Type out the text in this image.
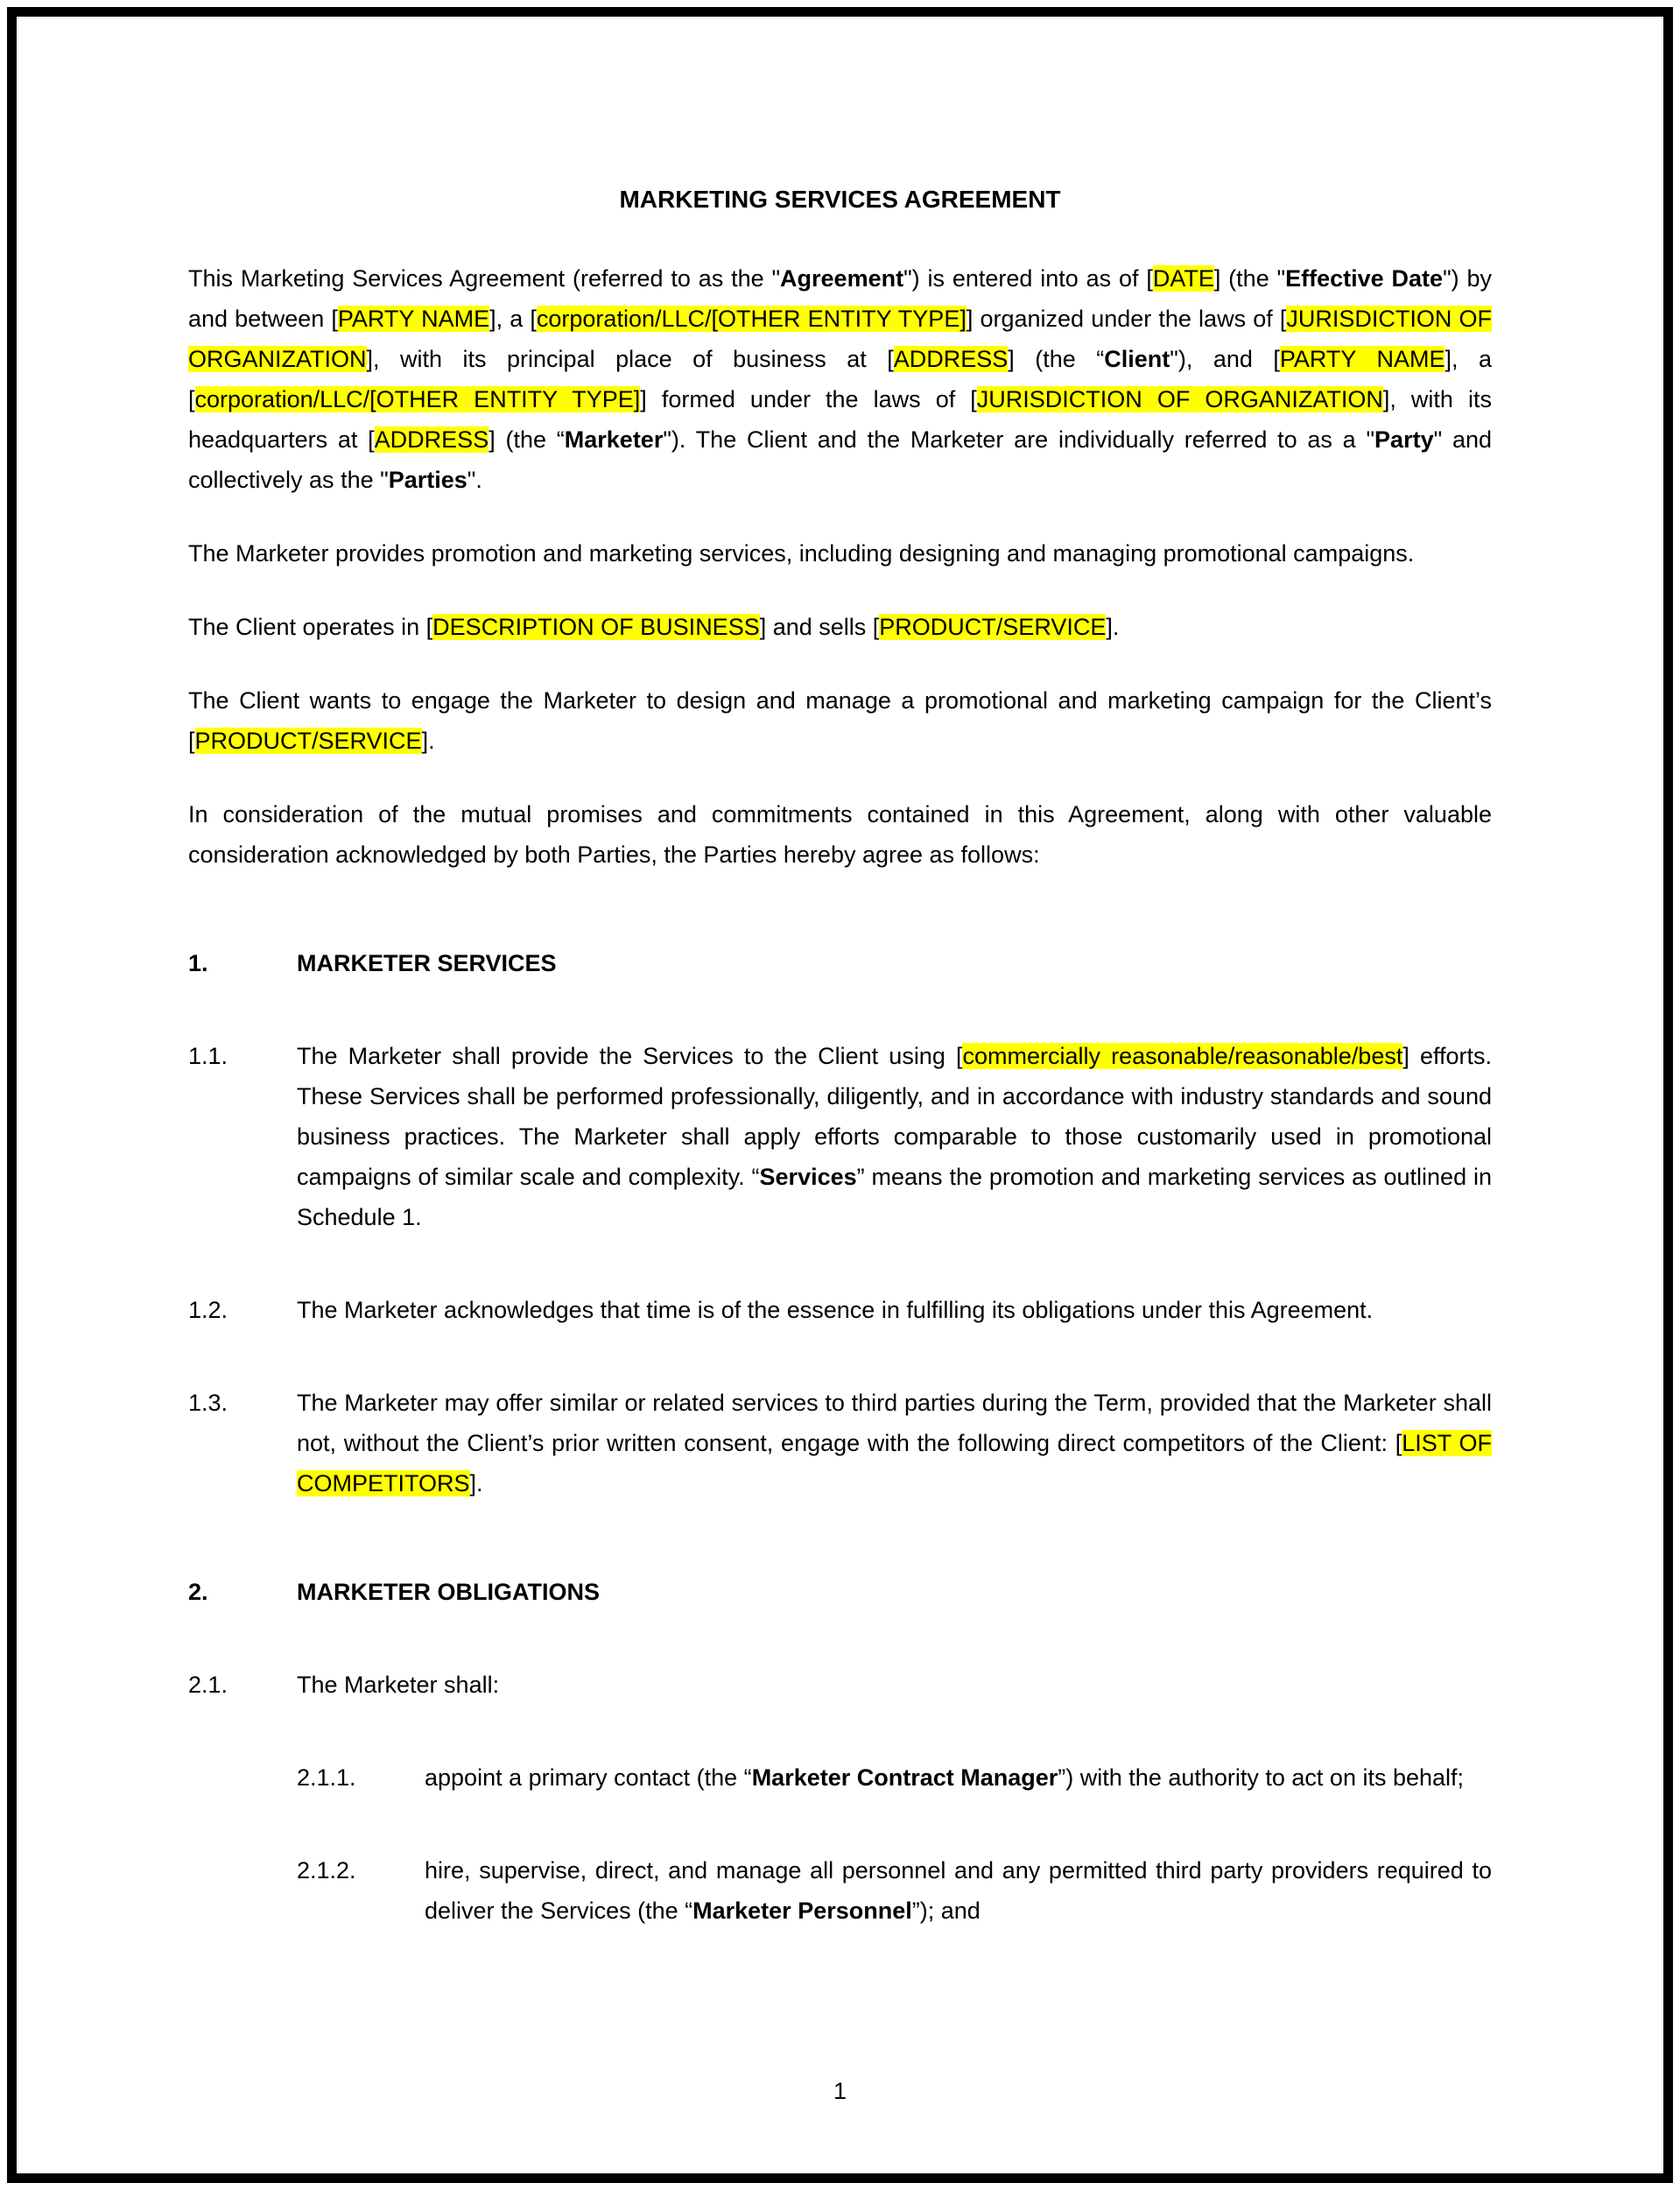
MARKETING SERVICES AGREEMENT

This Marketing Services Agreement (referred to as the "Agreement") is entered into as of [DATE] (the "Effective Date") by and between [PARTY NAME], a [corporation/LLC/[OTHER ENTITY TYPE]] organized under the laws of [JURISDICTION OF ORGANIZATION], with its principal place of business at [ADDRESS] (the “Client"), and [PARTY NAME], a [corporation/LLC/[OTHER ENTITY TYPE]] formed under the laws of [JURISDICTION OF ORGANIZATION], with its headquarters at [ADDRESS] (the “Marketer"). The Client and the Marketer are individually referred to as a "Party" and collectively as the "Parties".

The Marketer provides promotion and marketing services, including designing and managing promotional campaigns.

The Client operates in [DESCRIPTION OF BUSINESS] and sells [PRODUCT/SERVICE].

The Client wants to engage the Marketer to design and manage a promotional and marketing campaign for the Client’s [PRODUCT/SERVICE].

In consideration of the mutual promises and commitments contained in this Agreement, along with other valuable consideration acknowledged by both Parties, the Parties hereby agree as follows:

1.	MARKETER SERVICES
1.1.	The Marketer shall provide the Services to the Client using [commercially reasonable/reasonable/best] efforts. These Services shall be performed professionally, diligently, and in accordance with industry standards and sound business practices. The Marketer shall apply efforts comparable to those customarily used in promotional campaigns of similar scale and complexity. “Services” means the promotion and marketing services as outlined in Schedule 1.
1.2.	The Marketer acknowledges that time is of the essence in fulfilling its obligations under this Agreement.
1.3.	The Marketer may offer similar or related services to third parties during the Term, provided that the Marketer shall not, without the Client’s prior written consent, engage with the following direct competitors of the Client: [LIST OF COMPETITORS].
2.	MARKETER OBLIGATIONS
2.1.	The Marketer shall:
2.1.1.	appoint a primary contact (the “Marketer Contract Manager”) with the authority to act on its behalf;
2.1.2.	hire, supervise, direct, and manage all personnel and any permitted third party providers required to deliver the Services (the “Marketer Personnel”); and
1
